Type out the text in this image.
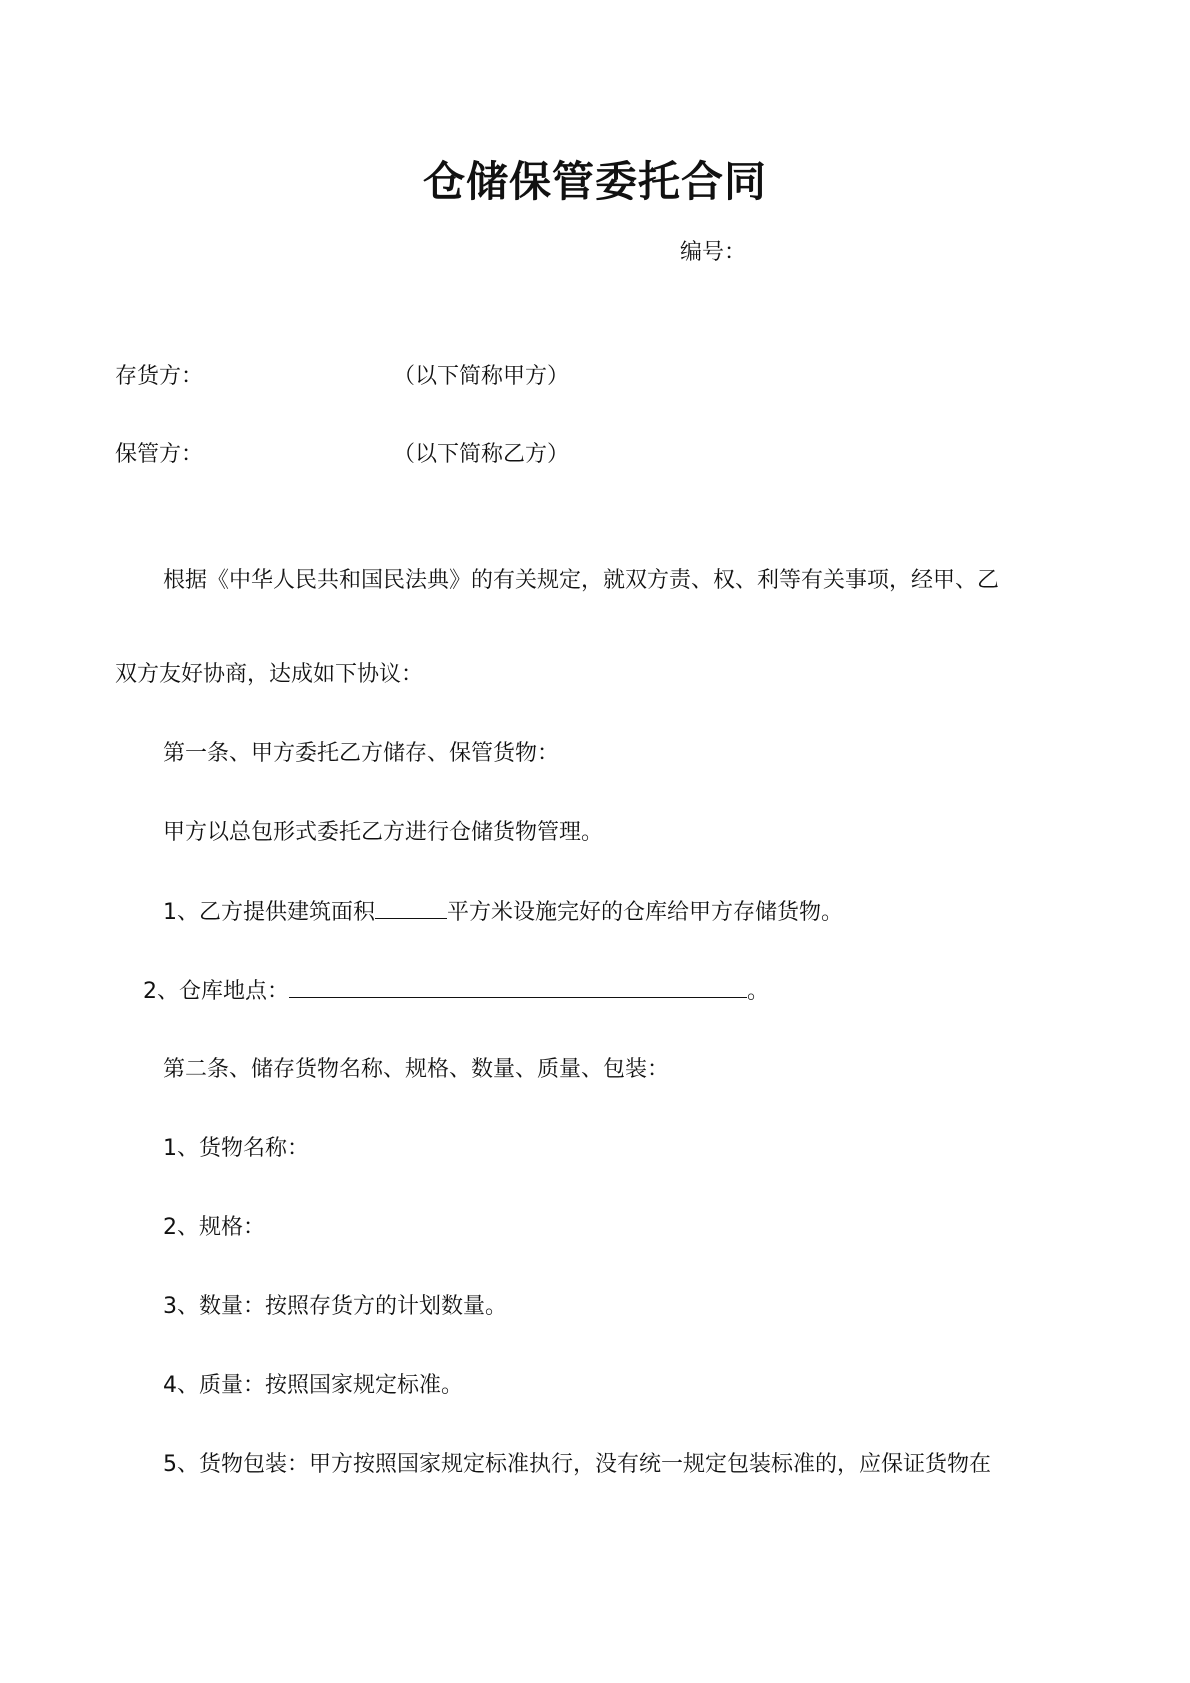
仓储保管委托合同
编号：
存货方：	（以下简称甲方）
保管方：	（以下简称乙方）
根据《中华人民共和国民法典》的有关规定，就双方责、权、利等有关事项，经甲、乙
双方友好协商，达成如下协议：
第一条、甲方委托乙方储存、保管货物：
甲方以总包形式委托乙方进行仓储货物管理。
1、乙方提供建筑面积	平方米设施完好的仓库给甲方存储货物。
2、仓库地点：	。
第二条、储存货物名称、规格、数量、质量、包装：
1、货物名称：
2、规格：
3、数量：按照存货方的计划数量。
4、质量：按照国家规定标准。
5、货物包装：甲方按照国家规定标准执行，没有统一规定包装标准的，应保证货物在
